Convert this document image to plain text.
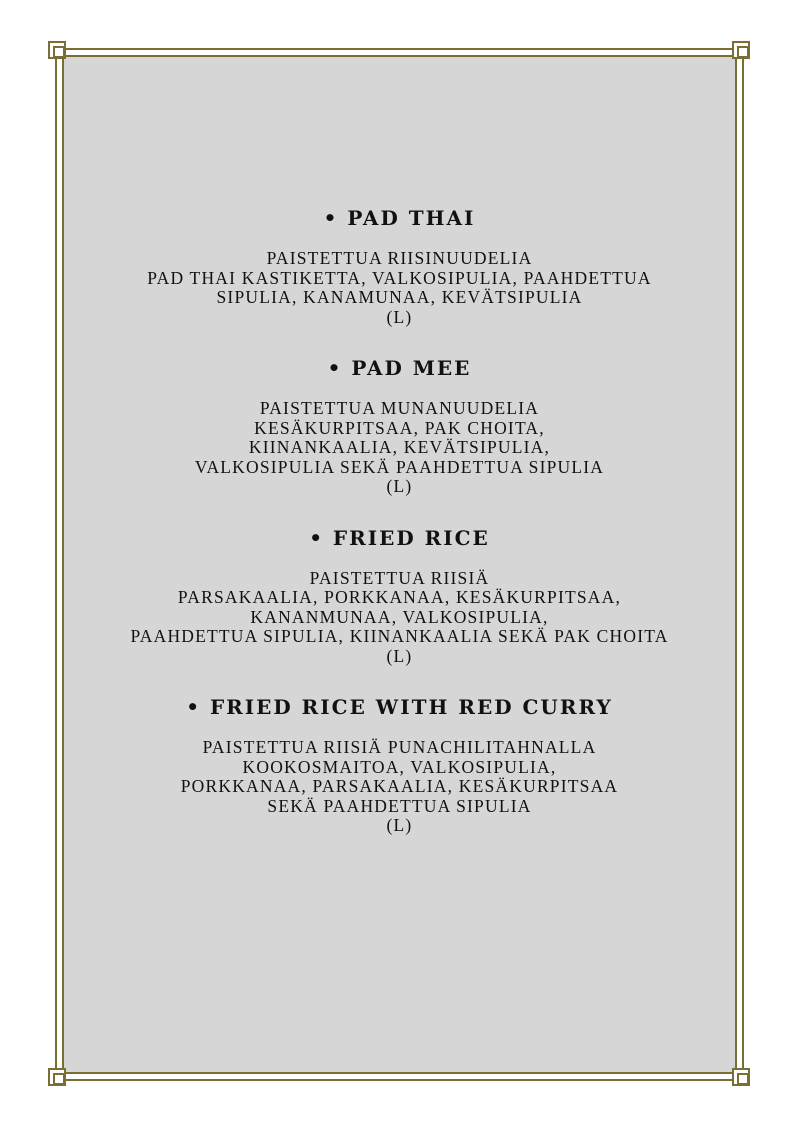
• PAD THAI

PAISTETTUA RIISINUUDELIA
PAD THAI KASTIKETTA, VALKOSIPULIA, PAAHDETTUA
SIPULIA, KANAMUNAA, KEVÄTSIPULIA
(L)

• PAD MEE

PAISTETTUA MUNANUUDELIA
KESÄKURPITSAA, PAK CHOITA,
KIINANKAALIA, KEVÄTSIPULIA,
VALKOSIPULIA SEKÄ PAAHDETTUA SIPULIA
(L)

• FRIED RICE

PAISTETTUA RIISIÄ
PARSAKAALIA, PORKKANAA, KESÄKURPITSAA,
KANANMUNAA, VALKOSIPULIA,
PAAHDETTUA SIPULIA, KIINANKAALIA SEKÄ PAK CHOITA
(L)

• FRIED RICE WITH RED CURRY

PAISTETTUA RIISIÄ PUNACHILITAHNALLA
KOOKOSMAITOA, VALKOSIPULIA,
PORKKANAA, PARSAKAALIA, KESÄKURPITSAA
SEKÄ PAAHDETTUA SIPULIA
(L)
